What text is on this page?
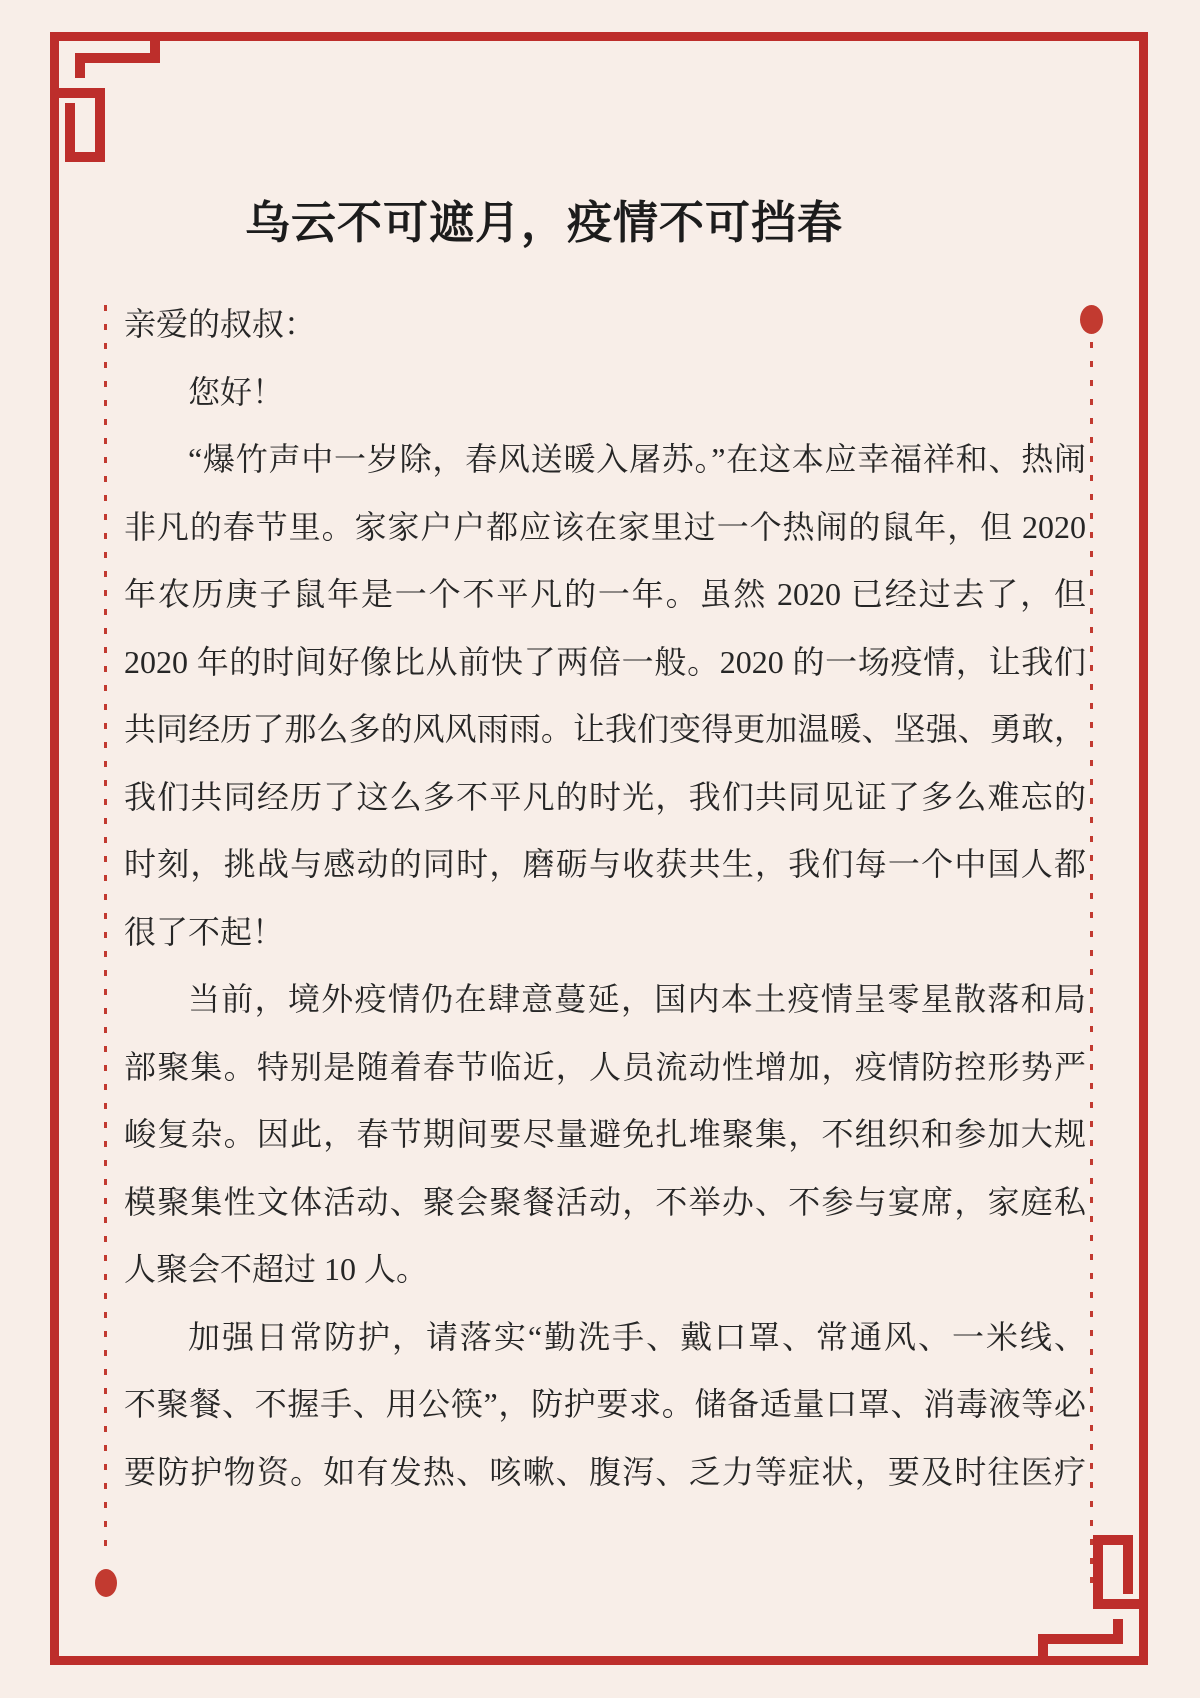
乌云不可遮月，疫情不可挡春
亲爱的叔叔：
您好！
“爆竹声中一岁除，春风送暖入屠苏。”在这本应幸福祥和、热闹
非凡的春节里。家家户户都应该在家里过一个热闹的鼠年，但 2020
年农历庚子鼠年是一个不平凡的一年。虽然 2020 已经过去了，但
2020 年的时间好像比从前快了两倍一般。2020 的一场疫情，让我们
共同经历了那么多的风风雨雨。让我们变得更加温暖、坚强、勇敢，
我们共同经历了这么多不平凡的时光，我们共同见证了多么难忘的
时刻，挑战与感动的同时，磨砺与收获共生，我们每一个中国人都
很了不起！
当前，境外疫情仍在肆意蔓延，国内本土疫情呈零星散落和局
部聚集。特别是随着春节临近，人员流动性增加，疫情防控形势严
峻复杂。因此，春节期间要尽量避免扎堆聚集，不组织和参加大规
模聚集性文体活动、聚会聚餐活动，不举办、不参与宴席，家庭私
人聚会不超过 10 人。
加强日常防护，请落实“勤洗手、戴口罩、常通风、一米线、
不聚餐、不握手、用公筷”，防护要求。储备适量口罩、消毒液等必
要防护物资。如有发热、咳嗽、腹泻、乏力等症状，要及时往医疗
